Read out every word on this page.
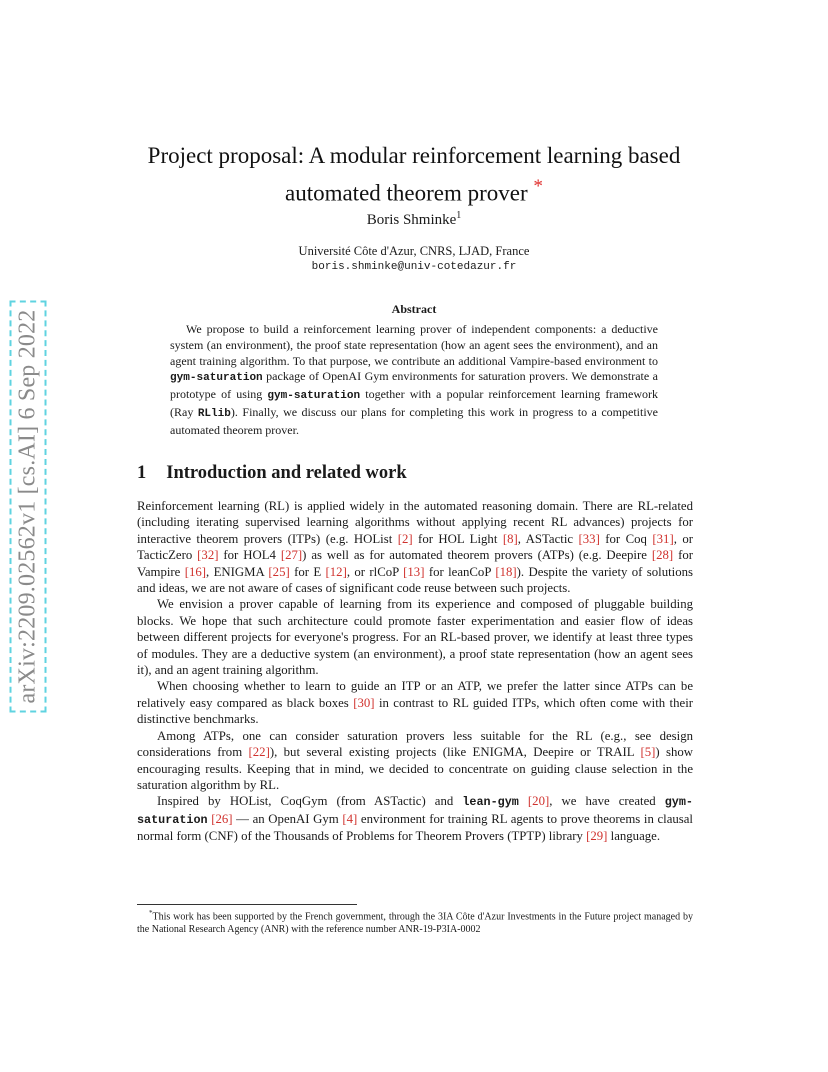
arXiv:2209.02562v1 [cs.AI] 6 Sep 2022
Project proposal: A modular reinforcement learning based
automated theorem prover *
Boris Shminke$^1$
Université Côte d'Azur, CNRS, LJAD, France
boris.shminke@univ-cotedazur.fr
Abstract

We propose to build a reinforcement learning prover of independent components: a deductive system (an environment), the proof state representation (how an agent sees the environment), and an agent training algorithm. To that purpose, we contribute an additional Vampire-based environment to gym-saturation package of OpenAI Gym environments for saturation provers. We demonstrate a prototype of using gym-saturation together with a popular reinforcement learning framework (Ray RLlib). Finally, we discuss our plans for completing this work in progress to a competitive automated theorem prover.

1 Introduction and related work

Reinforcement learning (RL) is applied widely in the automated reasoning domain. There are RL-related (including iterating supervised learning algorithms without applying recent RL advances) projects for interactive theorem provers (ITPs) (e.g. HOList [2] for HOL Light [8], ASTactic [33] for Coq [31], or TacticZero [32] for HOL4 [27]) as well as for automated theorem provers (ATPs) (e.g. Deepire [28] for Vampire [16], ENIGMA [25] for E [12], or rlCoP [13] for leanCoP [18]). Despite the variety of solutions and ideas, we are not aware of cases of significant code reuse between such projects.

We envision a prover capable of learning from its experience and composed of pluggable building blocks. We hope that such architecture could promote faster experimentation and easier flow of ideas between different projects for everyone's progress. For an RL-based prover, we identify at least three types of modules. They are a deductive system (an environment), a proof state representation (how an agent sees it), and an agent training algorithm.

When choosing whether to learn to guide an ITP or an ATP, we prefer the latter since ATPs can be relatively easy compared as black boxes [30] in contrast to RL guided ITPs, which often come with their distinctive benchmarks.

Among ATPs, one can consider saturation provers less suitable for the RL (e.g., see design considerations from [22]), but several existing projects (like ENIGMA, Deepire or TRAIL [5]) show encouraging results. Keeping that in mind, we decided to concentrate on guiding clause selection in the saturation algorithm by RL.

Inspired by HOList, CoqGym (from ASTactic) and lean-gym [20], we have created gym-saturation [26] — an OpenAI Gym [4] environment for training RL agents to prove theorems in clausal normal form (CNF) of the Thousands of Problems for Theorem Provers (TPTP) library [29] language.

*This work has been supported by the French government, through the 3IA Côte d'Azur Investments in the Future project managed by the National Research Agency (ANR) with the reference number ANR-19-P3IA-0002
